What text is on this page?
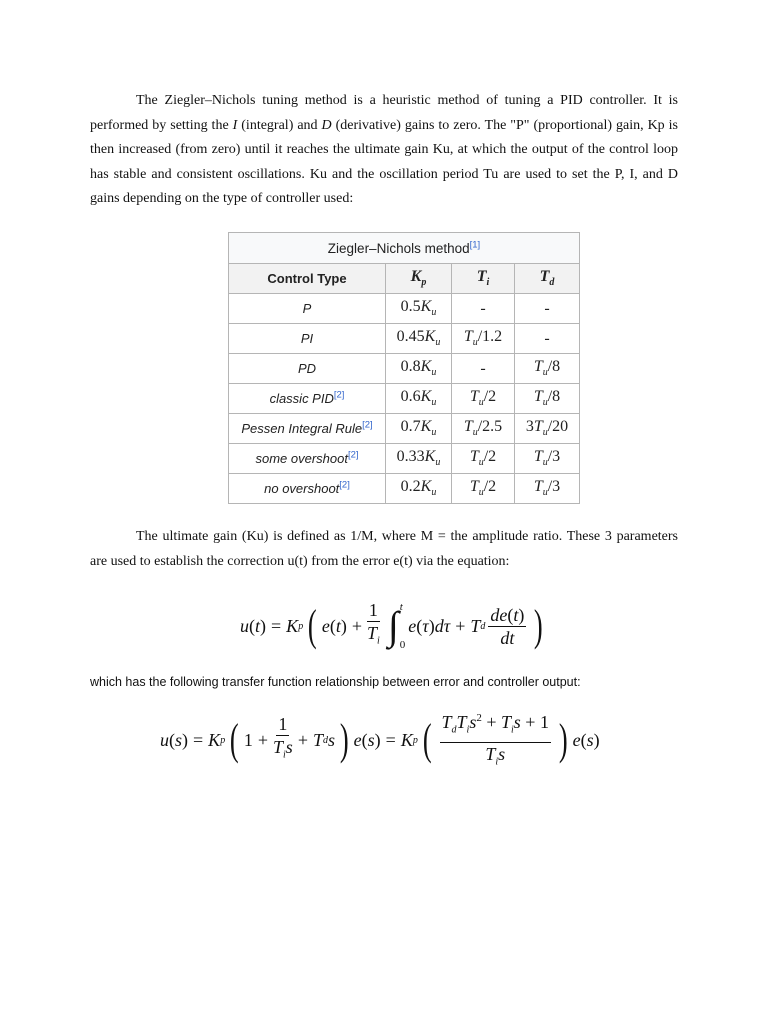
The Ziegler–Nichols tuning method is a heuristic method of tuning a PID controller. It is performed by setting the I (integral) and D (derivative) gains to zero. The "P" (proportional) gain, Kp is then increased (from zero) until it reaches the ultimate gain Ku, at which the output of the control loop has stable and consistent oscillations. Ku and the oscillation period Tu are used to set the P, I, and D gains depending on the type of controller used:

Ziegler–Nichols method[1]
Control Type	$K_p$	$T_i$	$T_d$
P	$0.5K_u$	-	-
PI	$0.45K_u$	$T_u/1.2$	-
PD	$0.8K_u$	-	$T_u/8$
classic PID[2]	$0.6K_u$	$T_u/2$	$T_u/8$
Pessen Integral Rule[2]	$0.7K_u$	$T_u/2.5$	$3T_u/20$
some overshoot[2]	$0.33K_u$	$T_u/2$	$T_u/3$
no overshoot[2]	$0.2K_u$	$T_u/2$	$T_u/3$

The ultimate gain (Ku) is defined as 1/M, where M = the amplitude ratio. These 3 parameters are used to establish the correction u(t) from the error e(t) via the equation:

u ( t ) = K p ( e ( t ) + $\frac{1}{T_i}$ ∫ t
0
e ( τ ) dτ + T d $\frac{de(t)}{dt}$ )

which has the following transfer function relationship between error and controller output:

u ( s ) = K p ( $1 + \frac{1}{T_is} + T$ d s ) e ( s ) = K p ( $\frac{T_dT_is^2 + T_is + 1}{T_is}$ ) e ( s )
